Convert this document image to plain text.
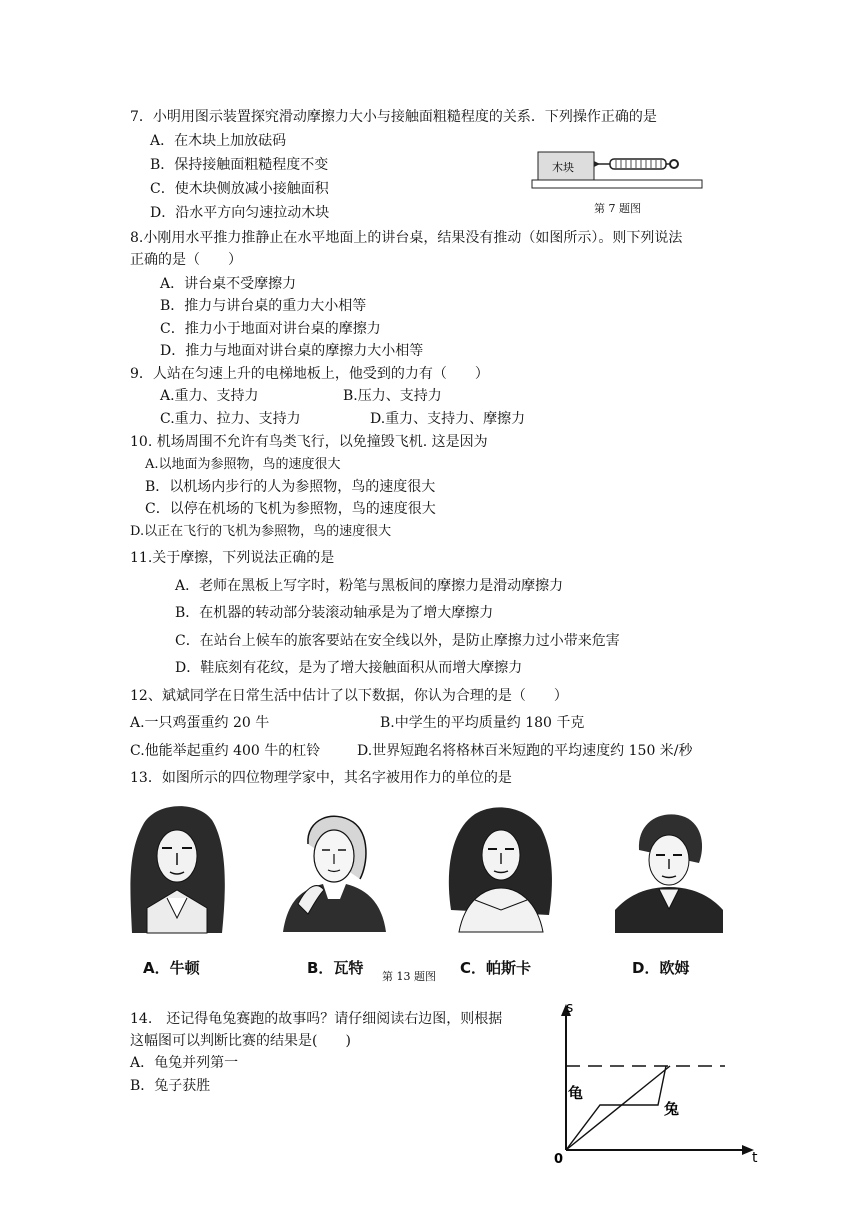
7．小明用图示装置探究滑动摩擦力大小与接触面粗糙程度的关系．下列操作正确的是
A．在木块上加放砝码
B．保持接触面粗糙程度不变
C．使木块侧放减小接触面积
D．沿水平方向匀速拉动木块
木块
第 7 题图
8.小刚用水平推力推静止在水平地面上的讲台桌，结果没有推动（如图所示）。则下列说法
正确的是（　　）
A．讲台桌不受摩擦力
B．推力与讲台桌的重力大小相等
C．推力小于地面对讲台桌的摩擦力
D．推力与地面对讲台桌的摩擦力大小相等
9．人站在匀速上升的电梯地板上，他受到的力有（　　）
A.重力、支持力	B.压力、支持力
C.重力、拉力、支持力	D.重力、支持力、摩擦力
10. 机场周围不允许有鸟类飞行，以免撞毁飞机. 这是因为
A.以地面为参照物，鸟的速度很大
B．以机场内步行的人为参照物，鸟的速度很大
C．以停在机场的飞机为参照物，鸟的速度很大
D.以正在飞行的飞机为参照物，鸟的速度很大
11.关于摩擦，下列说法正确的是
A．老师在黑板上写字时，粉笔与黑板间的摩擦力是滑动摩擦力
B．在机器的转动部分装滚动轴承是为了增大摩擦力
C．在站台上候车的旅客要站在安全线以外，是防止摩擦力过小带来危害
D．鞋底刻有花纹，是为了增大接触面积从而增大摩擦力
12、斌斌同学在日常生活中估计了以下数据，你认为合理的是（　　）
A.一只鸡蛋重约 20 牛	B.中学生的平均质量约 180 千克
C.他能举起重约 400 牛的杠铃	D.世界短跑名将格林百米短跑的平均速度约 150 米/秒
13．如图所示的四位物理学家中，其名字被用作力的单位的是
A．牛顿	B．瓦特	C．帕斯卡	D．欧姆
第 13 题图
14.　还记得龟兔赛跑的故事吗？请仔细阅读右边图，则根据
这幅图可以判断比赛的结果是(　　)
A．龟兔并列第一
B．兔子获胜
s
t
0
龟
兔
